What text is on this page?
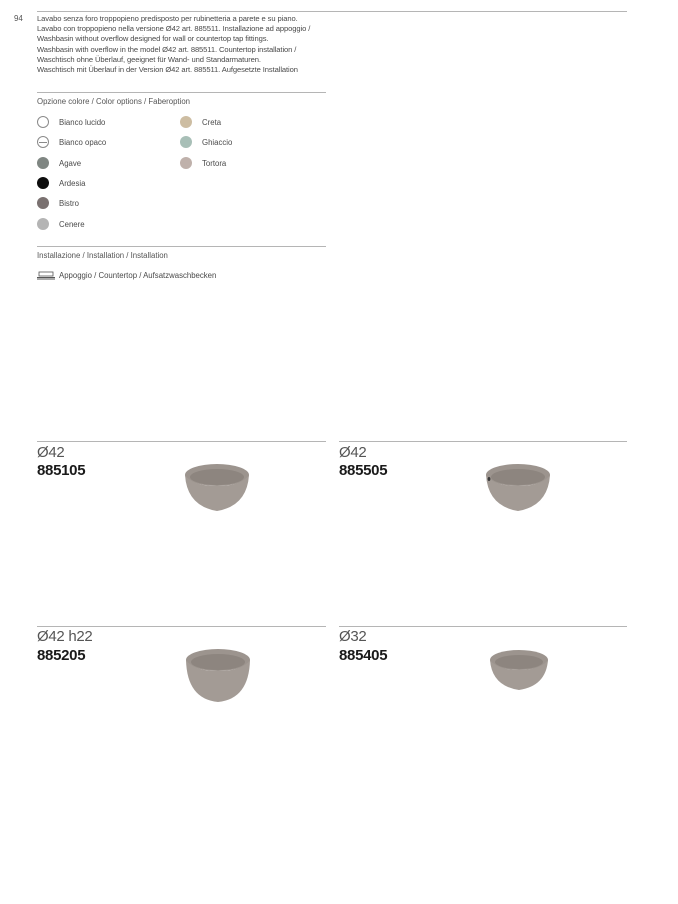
94 Lavabo senza foro troppopieno predisposto per rubinetteria a parete e su piano.
Lavabo con troppopieno nella versione Ø42 art. 885511. Installazione ad appoggio /
Washbasin without overflow designed for wall or countertop tap fittings.
Washbasin with overflow in the model Ø42 art. 885511. Countertop installation /
Waschtisch ohne Überlauf, geeignet für Wand- und Standarmaturen.
Waschtisch mit Überlauf in der Version Ø42 art. 885511. Aufgesetzte Installation
Opzione colore / Color options / Faberoption
Bianco lucido
Bianco opaco
Agave
Ardesia
Bistro
Cenere
Creta
Ghiaccio
Tortora
Installazione / Installation / Installation
Appoggio / Countertop / Aufsatzwaschbecken
Ø42
885105
Ø42
885505
Ø42 h22
885205
Ø32
885405
